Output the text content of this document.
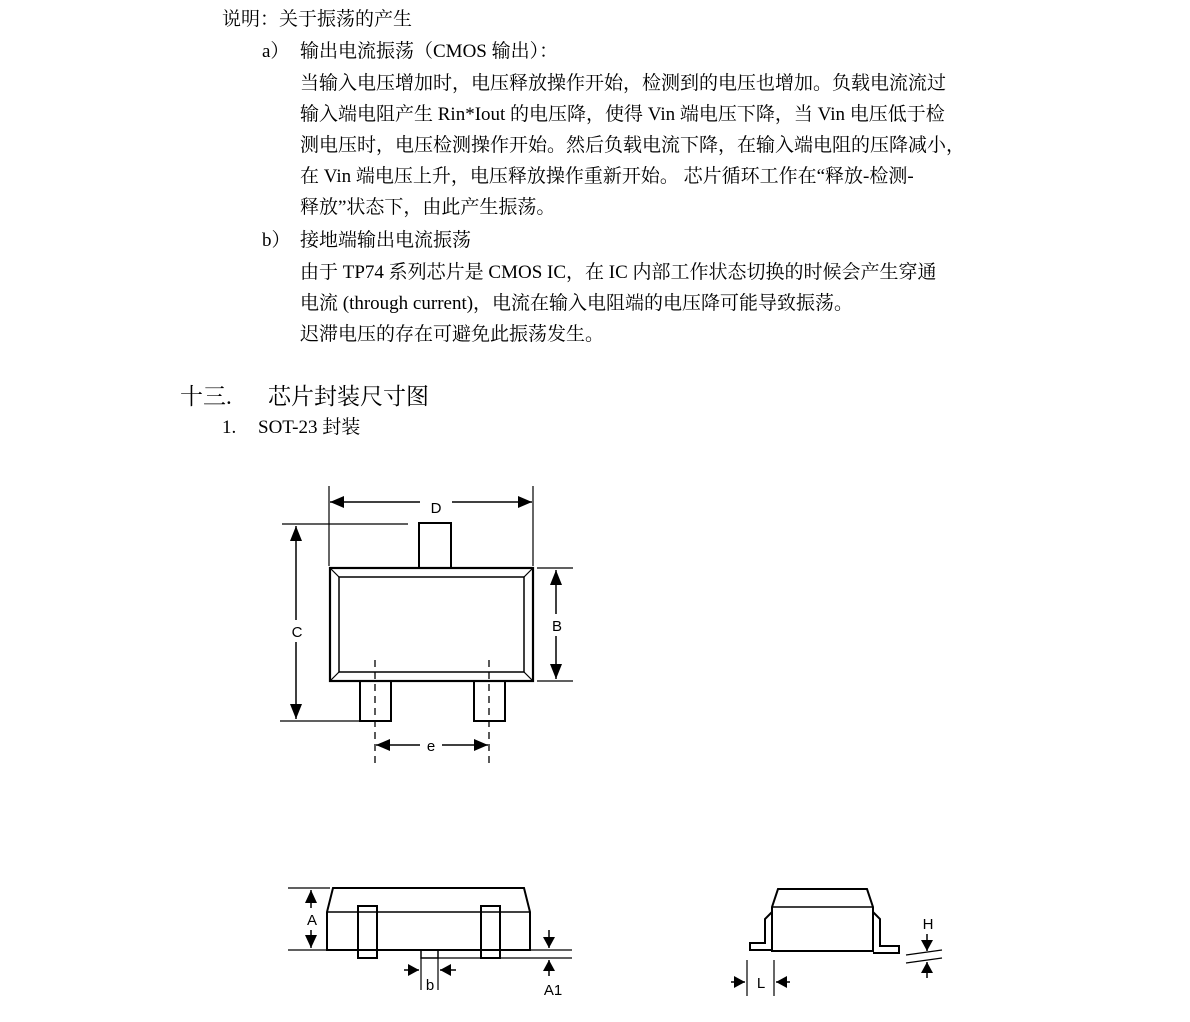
说明：关于振荡的产生
a） 输出电流振荡（CMOS 输出）：
当输入电压增加时，电压释放操作开始，检测到的电压也增加。负载电流流过
输入端电阻产生 Rin*Iout 的电压降，使得 Vin 端电压下降，当 Vin 电压低于检
测电压时，电压检测操作开始。然后负载电流下降，在输入端电阻的压降减小，
在 Vin 端电压上升，电压释放操作重新开始。 芯片循环工作在“释放-检测-
释放”状态下，由此产生振荡。
b） 接地端输出电流振荡
由于 TP74 系列芯片是 CMOS IC，在 IC 内部工作状态切换的时候会产生穿通
电流 (through current)，电流在输入电阻端的电压降可能导致振荡。
迟滞电压的存在可避免此振荡发生。
十三. 芯片封装尺寸图
1. SOT-23 封装
D
C	B
e
A
A1
b
H
L
